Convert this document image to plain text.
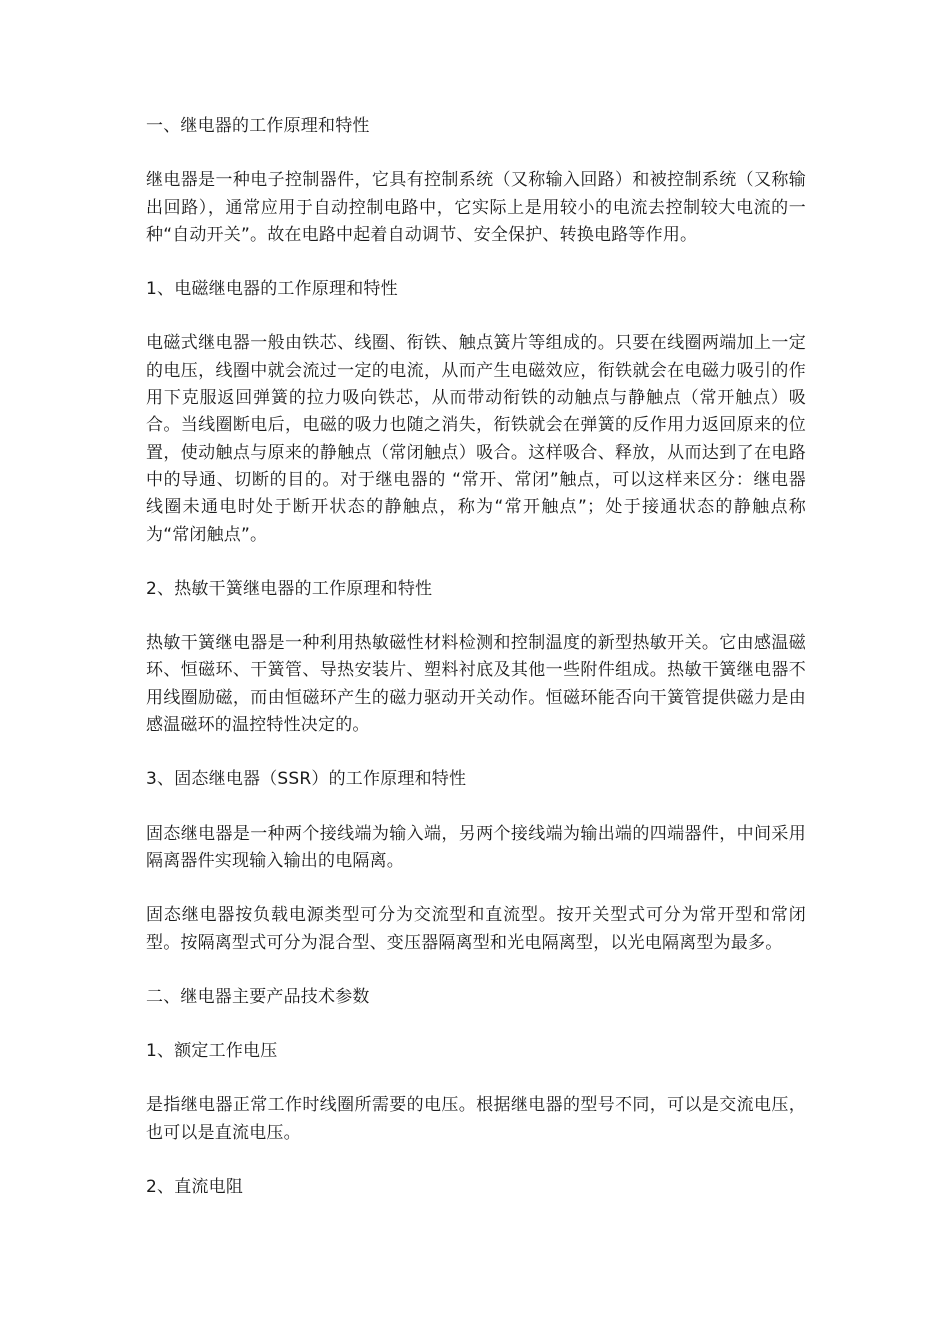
一、继电器的工作原理和特性
继电器是一种电子控制器件，它具有控制系统（又称输入回路）和被控制系统（又称输出回路），通常应用于自动控制电路中，它实际上是用较小的电流去控制较大电流的一种“自动开关”。故在电路中起着自动调节、安全保护、转换电路等作用。
1、电磁继电器的工作原理和特性
电磁式继电器一般由铁芯、线圈、衔铁、触点簧片等组成的。只要在线圈两端加上一定的电压，线圈中就会流过一定的电流，从而产生电磁效应，衔铁就会在电磁力吸引的作用下克服返回弹簧的拉力吸向铁芯，从而带动衔铁的动触点与静触点（常开触点）吸合。当线圈断电后，电磁的吸力也随之消失，衔铁就会在弹簧的反作用力返回原来的位置，使动触点与原来的静触点（常闭触点）吸合。这样吸合、释放，从而达到了在电路中的导通、切断的目的。对于继电器的 “常开、常闭”触点，可以这样来区分：继电器线圈未通电时处于断开状态的静触点，称为“常开触点”；处于接通状态的静触点称为“常闭触点”。
2、热敏干簧继电器的工作原理和特性
热敏干簧继电器是一种利用热敏磁性材料检测和控制温度的新型热敏开关。它由感温磁环、恒磁环、干簧管、导热安装片、塑料衬底及其他一些附件组成。热敏干簧继电器不用线圈励磁，而由恒磁环产生的磁力驱动开关动作。恒磁环能否向干簧管提供磁力是由感温磁环的温控特性决定的。
3、固态继电器（SSR）的工作原理和特性
固态继电器是一种两个接线端为输入端，另两个接线端为输出端的四端器件，中间采用隔离器件实现输入输出的电隔离。
固态继电器按负载电源类型可分为交流型和直流型。按开关型式可分为常开型和常闭型。按隔离型式可分为混合型、变压器隔离型和光电隔离型，以光电隔离型为最多。
二、继电器主要产品技术参数
1、额定工作电压
是指继电器正常工作时线圈所需要的电压。根据继电器的型号不同，可以是交流电压，也可以是直流电压。
2、直流电阻
